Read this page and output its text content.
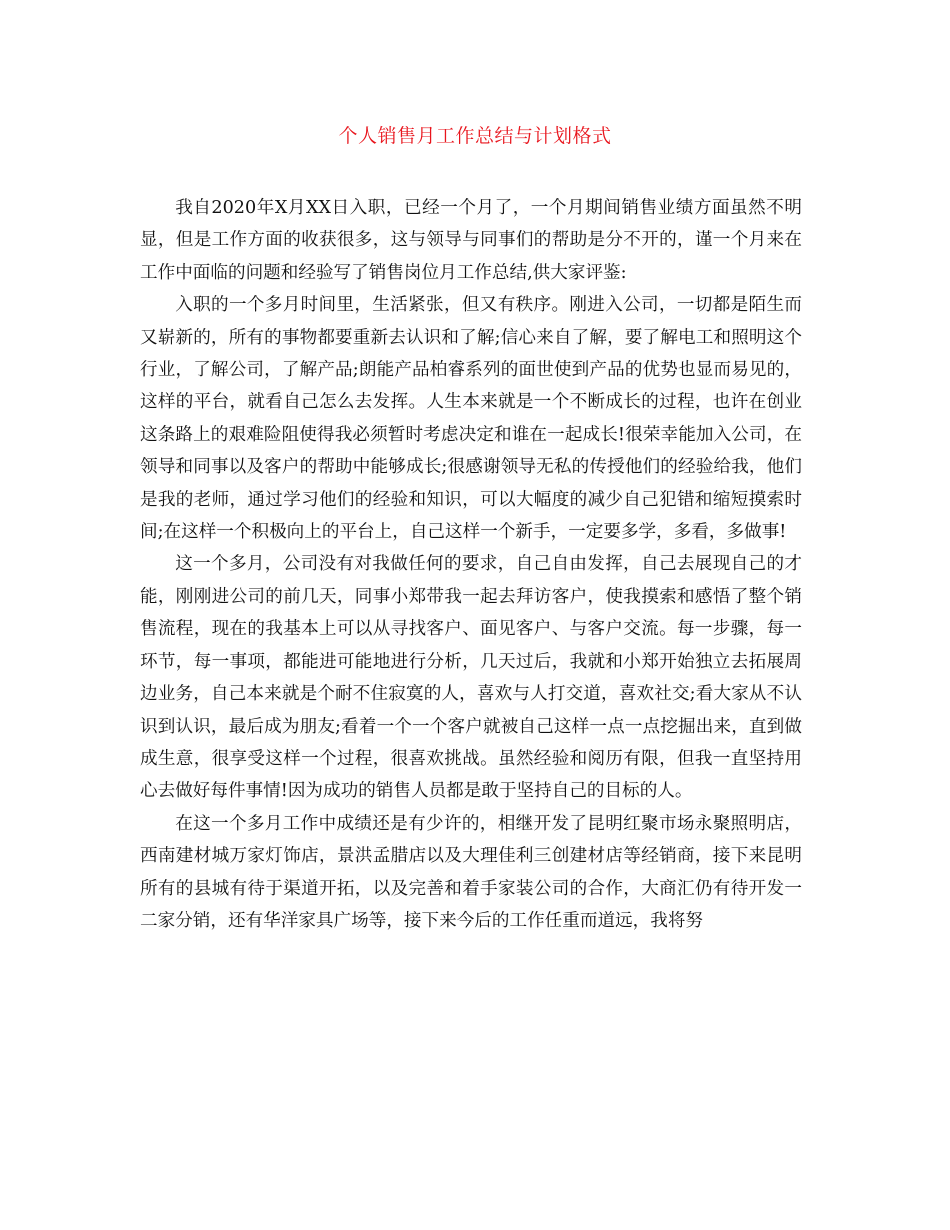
个人销售月工作总结与计划格式

我自2020年X月XX日入职，已经一个月了，一个月期间销售业绩方面虽然不明显，但是工作方面的收获很多，这与领导与同事们的帮助是分不开的，谨一个月来在工作中面临的问题和经验写了销售岗位月工作总结,供大家评鉴:

入职的一个多月时间里，生活紧张，但又有秩序。刚进入公司，一切都是陌生而又崭新的，所有的事物都要重新去认识和了解;信心来自了解，要了解电工和照明这个行业，了解公司，了解产品;朗能产品柏睿系列的面世使到产品的优势也显而易见的，这样的平台，就看自己怎么去发挥。人生本来就是一个不断成长的过程，也许在创业这条路上的艰难险阻使得我必须暂时考虑决定和谁在一起成长!很荣幸能加入公司，在领导和同事以及客户的帮助中能够成长;很感谢领导无私的传授他们的经验给我，他们是我的老师，通过学习他们的经验和知识，可以大幅度的减少自己犯错和缩短摸索时间;在这样一个积极向上的平台上，自己这样一个新手，一定要多学，多看，多做事!

这一个多月，公司没有对我做任何的要求，自己自由发挥，自己去展现自己的才能，刚刚进公司的前几天，同事小郑带我一起去拜访客户，使我摸索和感悟了整个销售流程，现在的我基本上可以从寻找客户、面见客户、与客户交流。每一步骤，每一环节，每一事项，都能进可能地进行分析，几天过后，我就和小郑开始独立去拓展周边业务，自己本来就是个耐不住寂寞的人，喜欢与人打交道，喜欢社交;看大家从不认识到认识，最后成为朋友;看着一个一个客户就被自己这样一点一点挖掘出来，直到做成生意，很享受这样一个过程，很喜欢挑战。虽然经验和阅历有限，但我一直坚持用心去做好每件事情!因为成功的销售人员都是敢于坚持自己的目标的人。

在这一个多月工作中成绩还是有少许的，相继开发了昆明红聚市场永聚照明店，西南建材城万家灯饰店，景洪孟腊店以及大理佳利三创建材店等经销商，接下来昆明所有的县城有待于渠道开拓，以及完善和着手家装公司的合作，大商汇仍有待开发一二家分销，还有华洋家具广场等，接下来今后的工作任重而道远，我将努
